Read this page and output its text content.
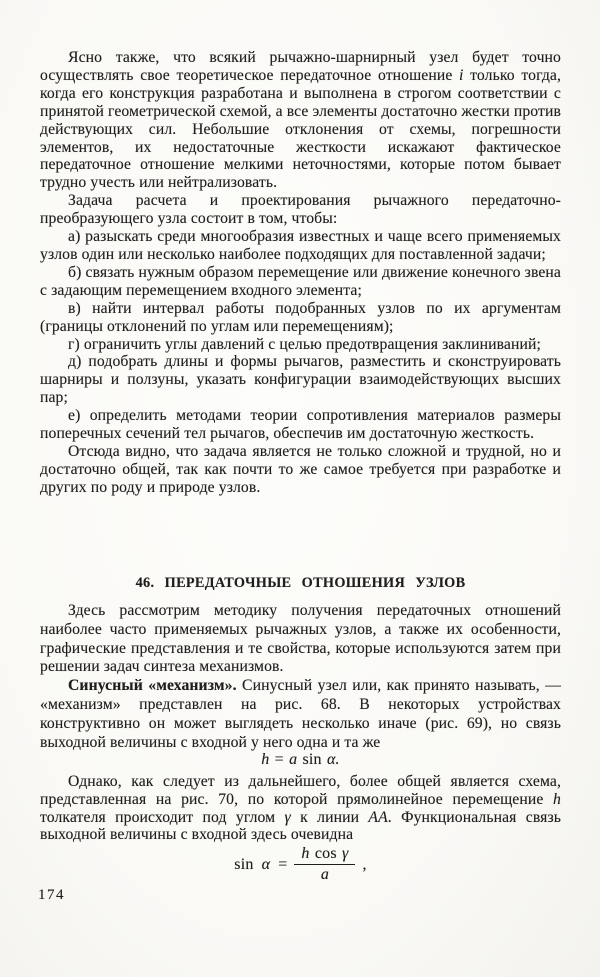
Ясно также, что всякий рычажно-шарнирный узел будет точно осуществлять свое теоретическое передаточное отношение i только тогда, когда его конструкция разработана и выполнена в строгом соответствии с принятой геометрической схемой, а все элементы достаточно жестки против действующих сил. Небольшие отклонения от схемы, погрешности элементов, их недостаточные жесткости искажают фактическое передаточное отношение мелкими неточностями, которые потом бывает трудно учесть или нейтрализовать.

Задача расчета и проектирования рычажного передаточно-преобразующего узла состоит в том, чтобы:

а) разыскать среди многообразия известных и чаще всего применяемых узлов один или несколько наиболее подходящих для поставленной задачи;

б) связать нужным образом перемещение или движение конечного звена с задающим перемещением входного элемента;

в) найти интервал работы подобранных узлов по их аргументам (границы отклонений по углам или перемещениям);

г) ограничить углы давлений с целью предотвращения заклиниваний;

д) подобрать длины и формы рычагов, разместить и сконструировать шарниры и ползуны, указать конфигурации взаимодействующих высших пар;

е) определить методами теории сопротивления материалов размеры поперечных сечений тел рычагов, обеспечив им достаточную жесткость.

Отсюда видно, что задача является не только сложной и трудной, но и достаточно общей, так как почти то же самое требуется при разработке и других по роду и природе узлов.

46. ПЕРЕДАТОЧНЫЕ ОТНОШЕНИЯ УЗЛОВ

Здесь рассмотрим методику получения передаточных отношений наиболее часто применяемых рычажных узлов, а также их особенности, графические представления и те свойства, которые используются затем при решении задач синтеза механизмов.

Синусный «механизм». Синусный узел или, как принято называть, — «механизм» представлен на рис. 68. В некоторых устройствах конструктивно он может выглядеть несколько иначе (рис. 69), но связь выходной величины с входной у него одна и та же

h = a sin α.

Однако, как следует из дальнейшего, более общей является схема, представленная на рис. 70, по которой прямолинейное перемещение h толкателя происходит под углом γ к линии АА. Функциональная связь выходной величины с входной здесь очевидна

$\sin \alpha = \frac{\text{h cos γ}}{a}$ ,
174
